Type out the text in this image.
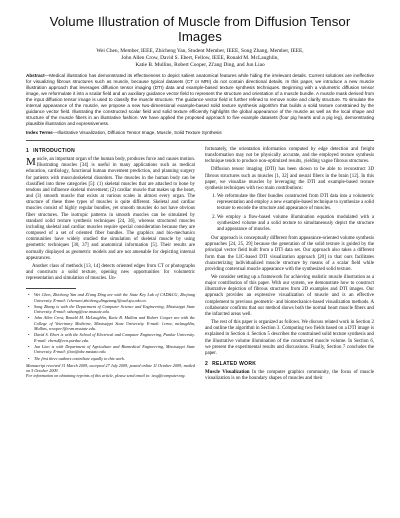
Volume Illustration of Muscle from Diffusion Tensor Images
Wei Chen, Member, IEEE, Zhicheng Yan, Student Member, IEEE, Song Zhang, Member, IEEE,
John Allen Crow, David S. Ebert, Fellow, IEEE, Ronald M. McLaughlin,
Katie B. Mullins, Robert Cooper, Zi'ang Ding, and Jun Liao
Abstract—Medical illustration has demonstrated its effectiveness to depict salient anatomical features while hiding the irrelevant details. Current solutions are ineffective for visualizing fibrous structures such as muscle, because typical datasets (CT or MRI) do not contain directional details. In this paper, we introduce a new muscle illustration approach that leverages diffusion tensor imaging (DTI) data and example-based texture synthesis techniques. Beginning with a volumetric diffusion tensor image, we reformulate it into a scalar field and an auxiliary guidance vector field to represent the structure and orientation of a muscle bundle. A muscle mask derived from the input diffusion tensor image is used to classify the muscle structure. The guidance vector field is further refined to remove noise and clarify structure. To simulate the internal appearance of the muscle, we propose a new two-dimensional example-based solid texture synthesis algorithm that builds a solid texture constrained by the guidance vector field. Illustrating the constructed scalar field and solid texture efficiently highlights the global appearance of the muscle as well as the local shape and structure of the muscle fibers in an illustrative fashion. We have applied the proposed approach to five example datasets (four pig hearts and a pig leg), demonstrating plausible illustration and expressiveness.
Index Terms—Illustrative Visualization, Diffusion Tensor Image, Muscle, Solid Texture Synthesis
1 INTRODUCTION

Muscle, an important organ of the human body, produces force and causes motion. Illustrating muscles [34] is useful in many applications such as medical education, cardiology, functional human movement prediction, and planning surgery for patients with musculoskeletal disorders. The muscles in the human body can be classified into three categories [5]: (1) skeletal muscles that are attached to bone by tendons and influence skeletal movement; (2) cardiac muscle that makes up the heart, and (3) smooth muscle that exists at various scales in almost every organ. The structure of these three types of muscles is quite different. Skeletal and cardiac muscles consist of highly regular bundles, yet smooth muscles do not have obvious fiber structures. The isotropic patterns in smooth muscles can be simulated by standard solid texture synthesis techniques [24, 36], whereas structured muscles including skeletal and cardiac muscles require special consideration because they are composed of a set of oriented fiber bundles. The graphics and bio-mechanics communities have widely studied the simulation of skeletal muscle by using geometric techniques [30, 37] and anatomical information [5]. Their results are normally displayed as geometric models and are not amenable for depicting internal appearances.

Another class of methods [13, 14] detects oriented edges from CT or photographs and constructs a solid texture, opening new opportunities for volumetric representation and simulation of muscles. Un-

• Wei Chen, Zhicheng Yan and Zi'ang Ding are with the State Key Lab of CAD&CG, Zhejiang University. E-mail: {chenwei,zhicheng,dingziang}@cad.zju.edu.cn.
• Song Zhang is with the Department of Computer Science and Engineering, Mississippi State University. E-mail: szhang@cse.msstate.edu.
• John Allen Crow, Ronald M. McLaughlin, Katie B. Mullins and Robert Cooper are with the College of Veterinary Medicine, Mississippi State University. E-mail: {crow, mclaughlin, Mullins, rcooper}@cvm.msstate.edu.
• David S. Ebert is with the School of Electrical and Computer Engineering, Purdue University. E-mail: ebertd@ecn.purdue.edu.
• Jun Liao is with Department of Agriculture and Biomedical Engineering, Mississippi State University. E-mail: jliao@abe.msstate.edu.
• The first three authors contribute equally to this work.
Manuscript received 31 March 2009; accepted 27 July 2009; posted online 11 October 2009; mailed on 5 October 2009.
For information on obtaining reprints of this article, please send email to: tvcg@computer.org.

fortunately, the orientation information computed by edge detection and freight transformation may not be physically accurate, and the employed texture synthesis technique tends to produce non-optimized results, yielding vague fibrous structures.

Diffusion tensor imaging (DTI) has been shown to be able to reconstruct 3D fibrous structures such as muscles [1, 32] and neural fibers in the brain [12]. In this paper, we visualize muscles by leveraging the DTI and example-based texture synthesis techniques with two main contributions:

1. We reformulate the fiber bundles constructed from DTI data into a volumetric representation and employ a new example-based technique to synthesize a solid texture to encode the structure and appearance of muscles.
2. We employ a flow-based volume illumination equation modulated with a synthesized volume and a solid texture to simultaneously depict the structure and appearance of muscles.

Our approach is conceptually different from appearance-oriented volume synthesis approaches [24, 25, 29] because the generation of the solid texture is guided by the principal vector field built from a DTI data set. Our approach also takes a different form than the LIC-based DTI visualization approach [20] in that ours facilitates characterizing individualized muscle structure by means of a scalar field while providing contextual muscle appearance with the synthesized solid texture.

We consider setting up a framework for achieving realistic muscle illustration as a major contribution of this paper. With our system, we demonstrate how to construct illustrative depiction of fibrous structures from 2D examples and DTI images. Our approach provides an expressive visualization of muscle and is an effective complement to previous geometric- and biomechanics-based visualization methods. A collaborator confirms that our method shows both the normal heart muscle fibers and the infarcted areas well.

The rest of this paper is organized as follows. We discuss related work in Section 2 and outline the algorithm in Section 3. Computing two fields based on a DTI image is explained in Section 4. Section 5 describes the constrained solid texture synthesis and the illustrative volume illumination of the constructed muscle volume. In Section 6, we present the experimental results and discussions. Finally, Section 7 concludes the paper.

2 RELATED WORK

Muscle Visualization In the computer graphics community, the focus of muscle visualization is on the boundary shapes of muscles and their
